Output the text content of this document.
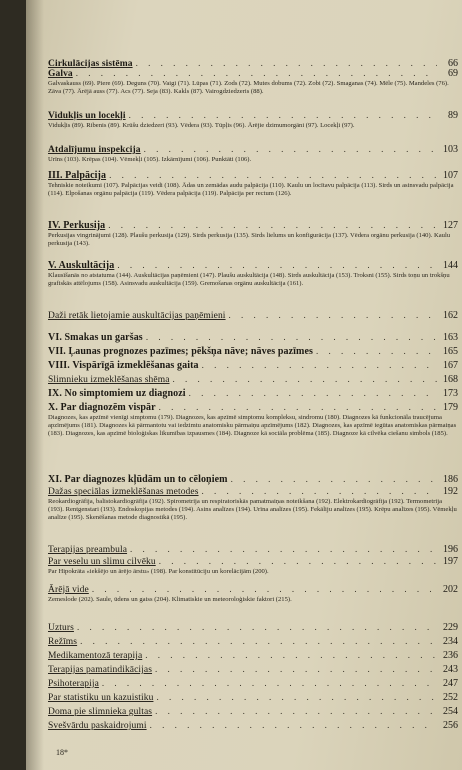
Cirkulācijas sistēma . . .	66
Galva . . .	69
Galvaskauss (69). Piere (69). Deguns (70). Vaigi (71). Lūpas (71). Zods (72). Mutes dobums (72). Zobi (72). Smaganas (74). Mēle (75). Mandeles (76). Zāva (77). Ārējā auss (77). Acs (77). Seja (83). Kakls (87). Vairogdziedzeris (88).
Vidukļis un locekļi . . .	89
Vidukļis (89). Ribenis (89). Krūšu dziedzeri (93). Vēdera (93). Tūpļis (96). Ārējie dzimumorgāni (97). Locekļi (97).
Atdalījumu inspekcija . . .	103
Urīns (103). Krēpas (104). Vēmekļi (105). Izkārnījumi (106). Punktāti (106).
III. Palpācija . . .	107
Tehniskie noteikumi (107). Palpācijas veidi (108). Ādas un zemādas audu palpācija (110). Kaulu un locītavu palpācija (113). Sirds un asinsvadu palpācija (114). Elpošanas orgānu palpācija (119). Vēdera palpācija (119). Palpācija per rectum (126).
IV. Perkusija . . .	127
Perkusijas vingrinājumi (128). Plaušu perkusija (129). Sirds perkusija (135). Sirds lielums un konfigurācija (137). Vēdera orgānu perkusija (140). Kaulu perkusija (143).
V. Auskultācija . . .	144
Klausīšanās no atstatuma (144). Auskultācijas paņēmieni (147). Plaušu auskultācija (148). Sirds auskultācija (153). Troksni (155). Sirds toņu un trokšņu grafiskās attēlojums (158). Asinsvadu auskultācija (159). Gremošanas orgānu auskultācija (161).
Daži retāk lietojamie auskultācijas paņēmieni . . .	162
VI. Smakas un garšas . . .	163
VII. Ļaunas prognozes pazīmes; pēkšņa nāve; nāves pazīmes . . .	165
VIII. Vispārīgā izmeklēšanas gaita . . .	167
Slimnieku izmeklēšanas shēma . . .	168
IX. No simptomiem uz diagnozi . . .	173
X. Par diagnozēm vispār . . .	179
Diagnozes, kas apzīmē vienīgi simptomu (179). Diagnozes, kas apzīmē simptomu kompleksu, sindromu (180). Diagnozes kā funkcionāla traucējuma apzīmējums (181). Diagnozes kā pārmantotu vai iedzimtu anatomisku pārmaiņu apzīmējums (182). Diagnozes, kas apzīmē iegūtas anatomiskas pārmaiņas (183). Diagnozes, kas apzīmē bioloģiskas likumības izpausmes (184). Diagnoze kā sociāla problēma (185). Diagnoze kā cilvēka ciešanu simbols (185).
XI. Par diagnozes kļūdām un to cēloņiem . . .	186
Dažas speciālas izmeklēšanas metodes . . .	192
Reokardiogrāfija, balistokardiogrāfija (192). Spirometrija un respiratoriskās pamatmaiņas noteikšana (192). Elektrokardiogrāfija (192). Termometrija (193). Rentgenstari (193). Endoskopijas metodes (194). Asins analīzes (194). Urīna analīzes (195). Fekāliju analīzes (195). Krēpu analīzes (195). Vēmekļu analīze (195). Skenēšanas metode diagnostikā (195).
Terapijas preambula . . .	196
Par veselu un slimu cilvēku . . .	197
Par Hipokrāta «iekšējo un ārējo ārstu» (198). Par konstitūciju un korelācijām (200).
Ārējā vide . . .	202
Zemeslode (202). Saule, ūdens un gaiss (204). Klimatiskie un meteoroloģiskie faktori (215).
Uzturs . . .	229
Režīms . . .	234
Medikamentozā terapija . . .	236
Terapijas pamatindikācijas . . .	243
Psihoterapija . . .	247
Par statistiku un kazuistiku . . .	252
Doma pie slimnieka gultas . . .	254
Svešvārdu paskaidrojumi . . .	256
18*
